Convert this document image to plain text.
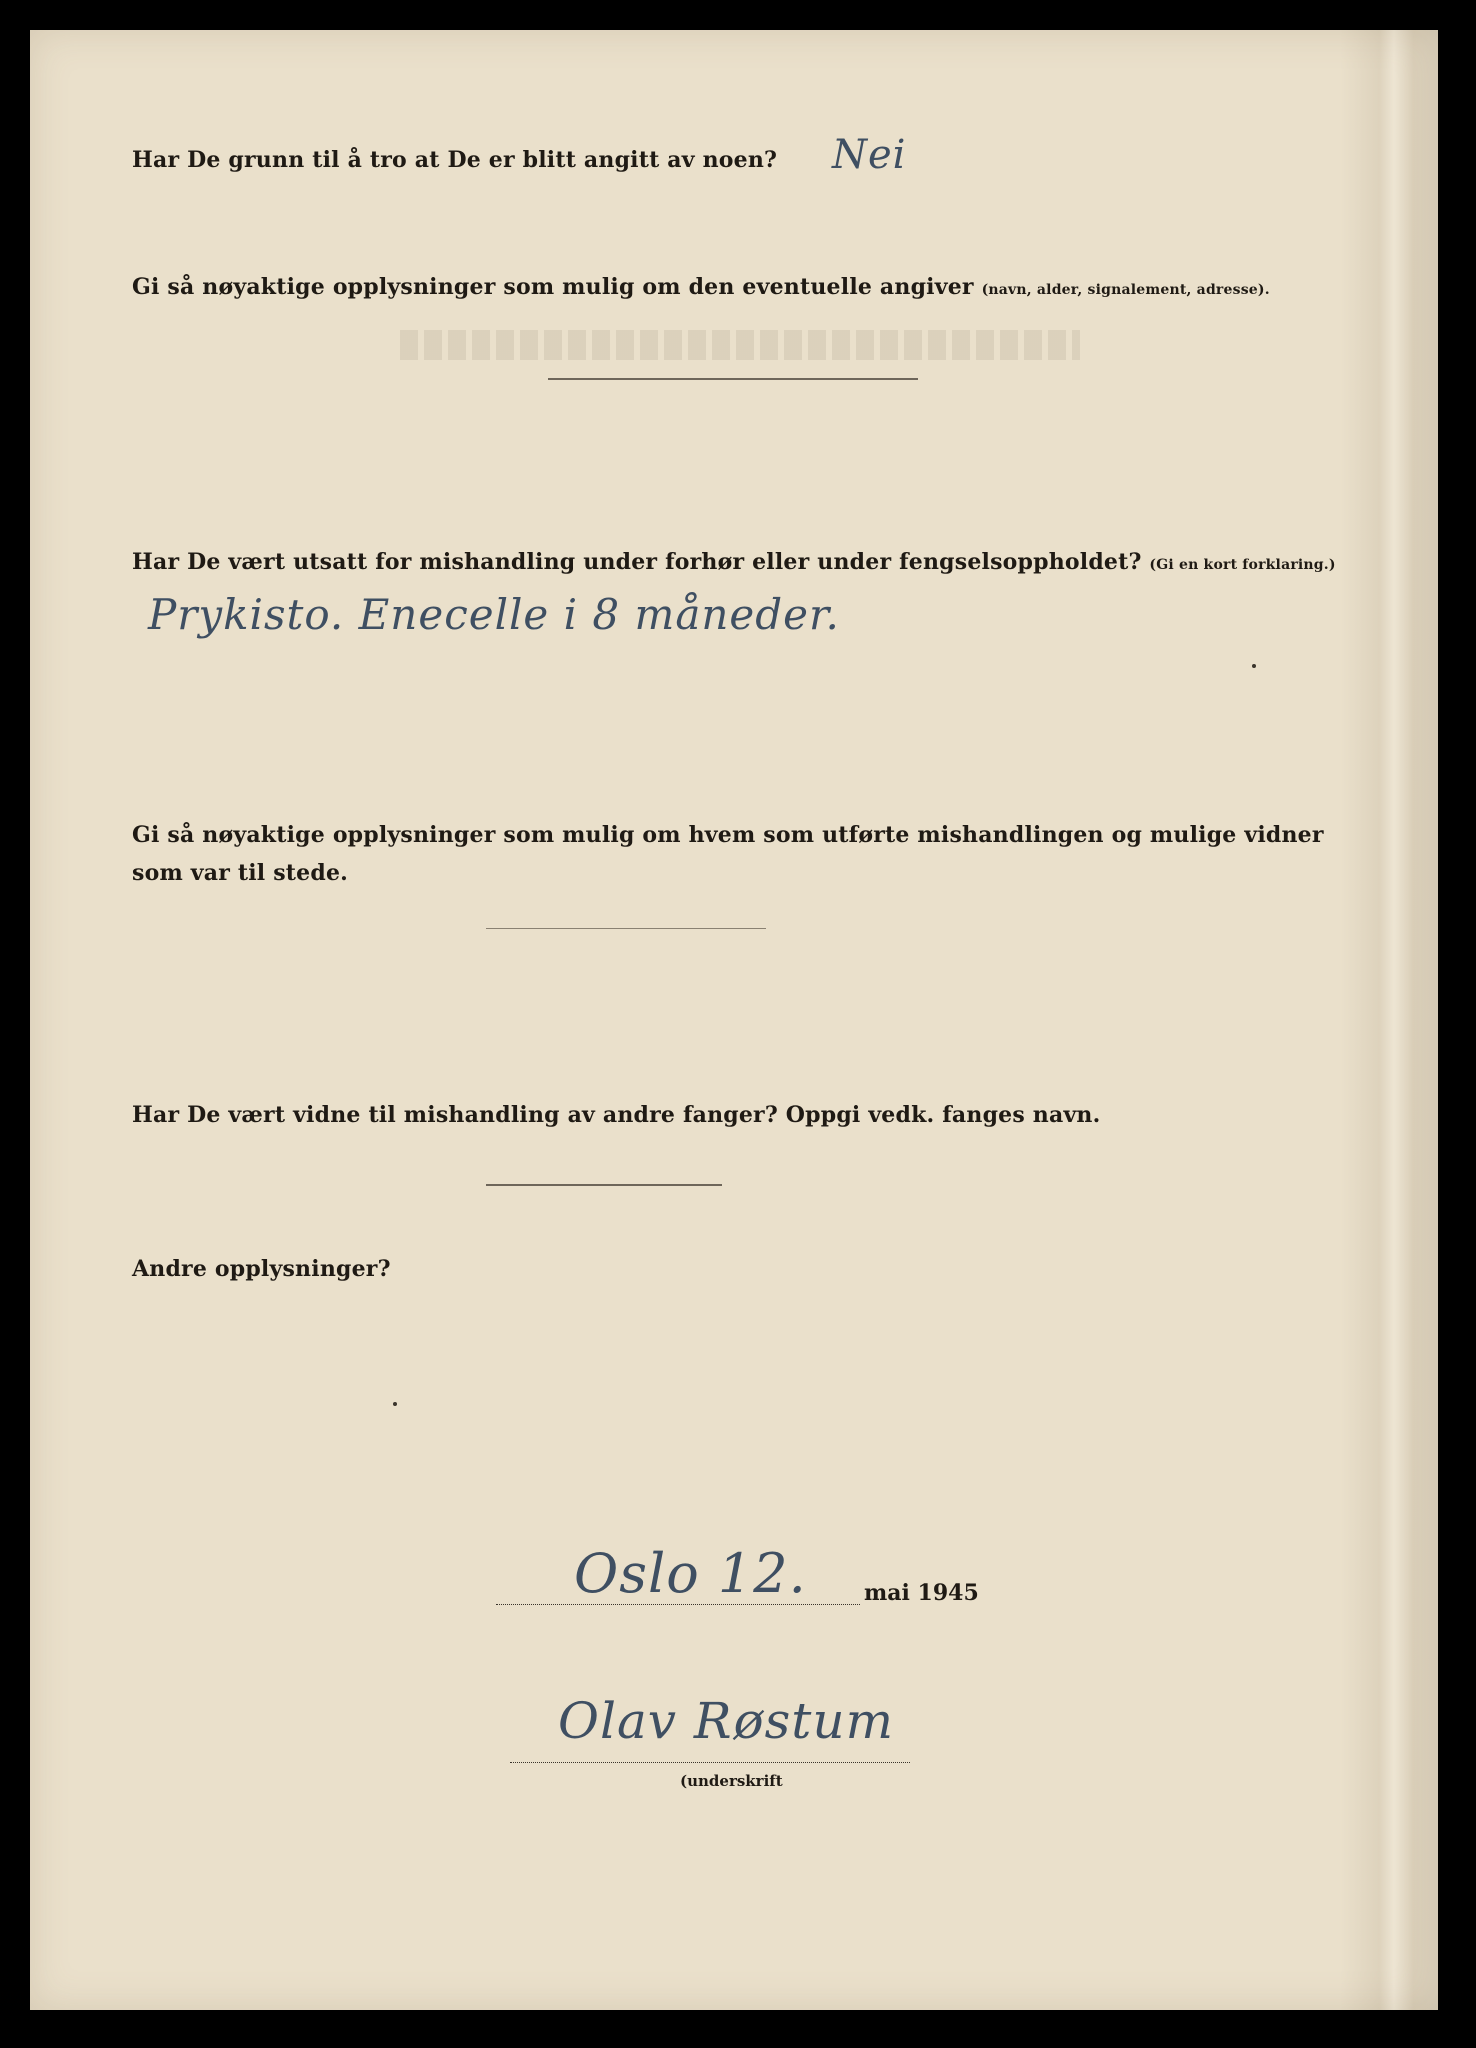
Har De grunn til å tro at De er blitt angitt av noen? Nei

Gi så nøyaktige opplysninger som mulig om den eventuelle angiver (navn, alder, signalement, adresse).

Har De vært utsatt for mishandling under forhør eller under fengselsoppholdet? (Gi en kort forklaring.)

Prykisto. Enecelle i 8 måneder.

Gi så nøyaktige opplysninger som mulig om hvem som utførte mishandlingen og mulige vidner

som var til stede.

Har De vært vidne til mishandling av andre fanger? Oppgi vedk. fanges navn.

Andre opplysninger?

Oslo 12.	mai 1945
Olav Røstum
(underskrift
